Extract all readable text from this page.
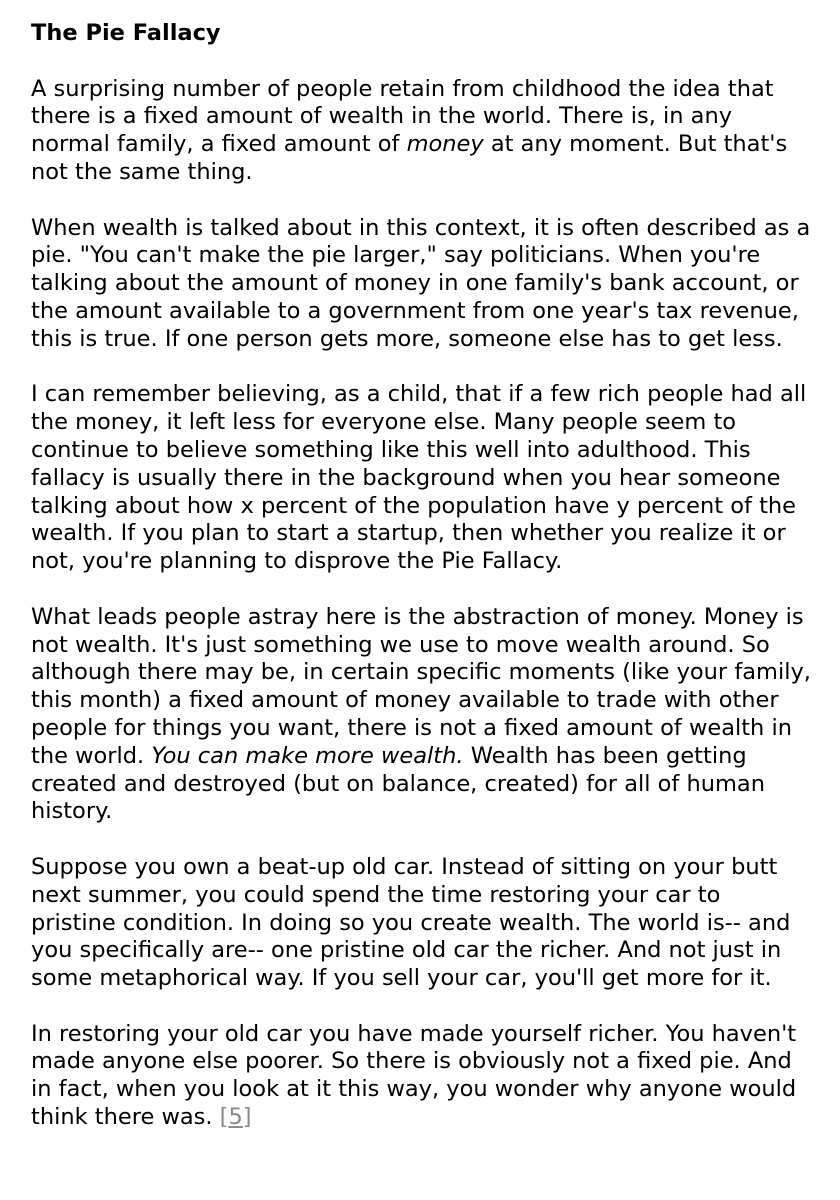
The Pie Fallacy

A surprising number of people retain from childhood the idea that there is a fixed amount of wealth in the world. There is, in any normal family, a fixed amount of money at any moment. But that's not the same thing.

When wealth is talked about in this context, it is often described as a pie. "You can't make the pie larger," say politicians. When you're talking about the amount of money in one family's bank account, or the amount available to a government from one year's tax revenue, this is true. If one person gets more, someone else has to get less.

I can remember believing, as a child, that if a few rich people had all the money, it left less for everyone else. Many people seem to continue to believe something like this well into adulthood. This fallacy is usually there in the background when you hear someone talking about how x percent of the population have y percent of the wealth. If you plan to start a startup, then whether you realize it or not, you're planning to disprove the Pie Fallacy.

What leads people astray here is the abstraction of money. Money is not wealth. It's just something we use to move wealth around. So although there may be, in certain specific moments (like your family, this month) a fixed amount of money available to trade with other people for things you want, there is not a fixed amount of wealth in the world. You can make more wealth. Wealth has been getting created and destroyed (but on balance, created) for all of human history.

Suppose you own a beat-up old car. Instead of sitting on your butt next summer, you could spend the time restoring your car to pristine condition. In doing so you create wealth. The world is-- and you specifically are-- one pristine old car the richer. And not just in some metaphorical way. If you sell your car, you'll get more for it.

In restoring your old car you have made yourself richer. You haven't made anyone else poorer. So there is obviously not a fixed pie. And in fact, when you look at it this way, you wonder why anyone would think there was. [5]
